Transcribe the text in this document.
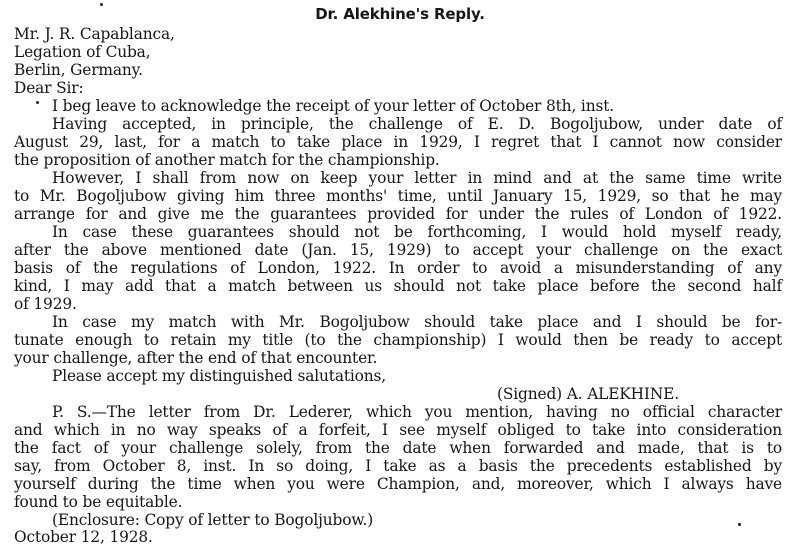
Dr. Alekhine's Reply.
Mr. J. R. Capablanca,
Legation of Cuba,
Berlin, Germany.
Dear Sir:
I beg leave to acknowledge the receipt of your letter of October 8th, inst.
Having accepted, in principle, the challenge of E. D. Bogoljubow, under date of
August 29, last, for a match to take place in 1929, I regret that I cannot now consider
the proposition of another match for the championship.
However, I shall from now on keep your letter in mind and at the same time write
to Mr. Bogoljubow giving him three months' time, until January 15, 1929, so that he may
arrange for and give me the guarantees provided for under the rules of London of 1922.
In case these guarantees should not be forthcoming, I would hold myself ready,
after the above mentioned date (Jan. 15, 1929) to accept your challenge on the exact
basis of the regulations of London, 1922. In order to avoid a misunderstanding of any
kind, I may add that a match between us should not take place before the second half
of 1929.
In case my match with Mr. Bogoljubow should take place and I should be for-
tunate enough to retain my title (to the championship) I would then be ready to accept
your challenge, after the end of that encounter.
Please accept my distinguished salutations,
(Signed) A. ALEKHINE.
P. S.—The letter from Dr. Lederer, which you mention, having no official character
and which in no way speaks of a forfeit, I see myself obliged to take into consideration
the fact of your challenge solely, from the date when forwarded and made, that is to
say, from October 8, inst. In so doing, I take as a basis the precedents established by
yourself during the time when you were Champion, and, moreover, which I always have
found to be equitable.
(Enclosure: Copy of letter to Bogoljubow.)
October 12, 1928.
